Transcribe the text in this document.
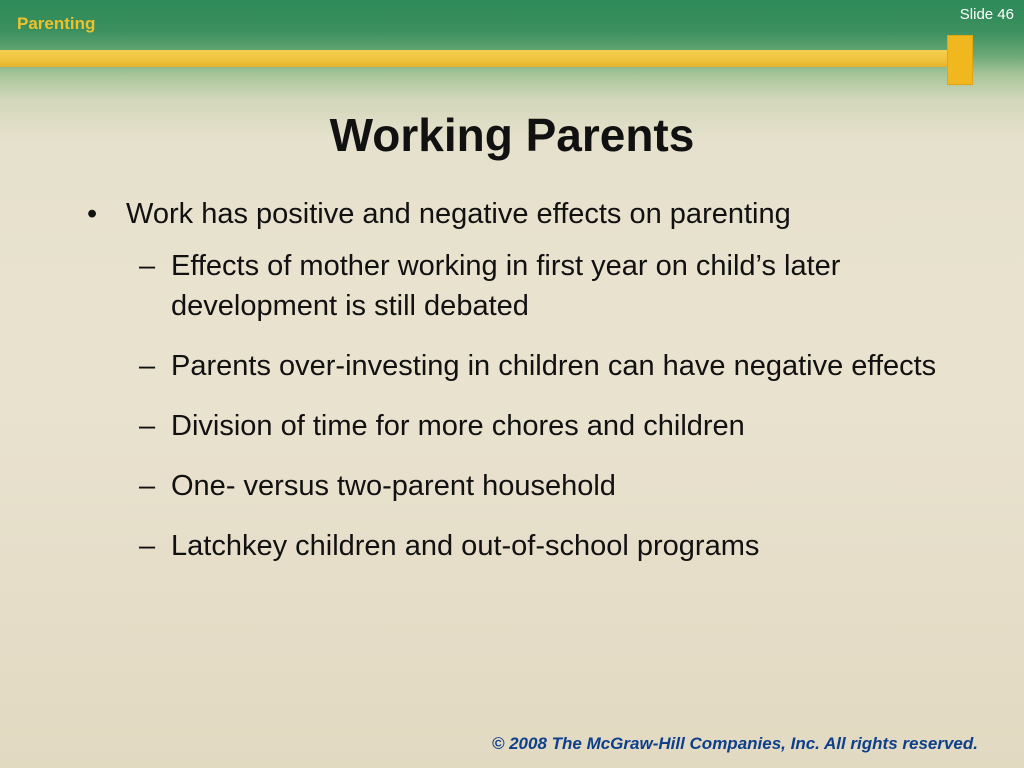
Parenting	Slide 46
Working Parents
• Work has positive and negative effects on parenting
– Effects of mother working in first year on child’s later development is still debated
– Parents over-investing in children can have negative effects
– Division of time for more chores and children
– One- versus two-parent household
– Latchkey children and out-of-school programs
© 2008 The McGraw-Hill Companies, Inc. All rights reserved.
